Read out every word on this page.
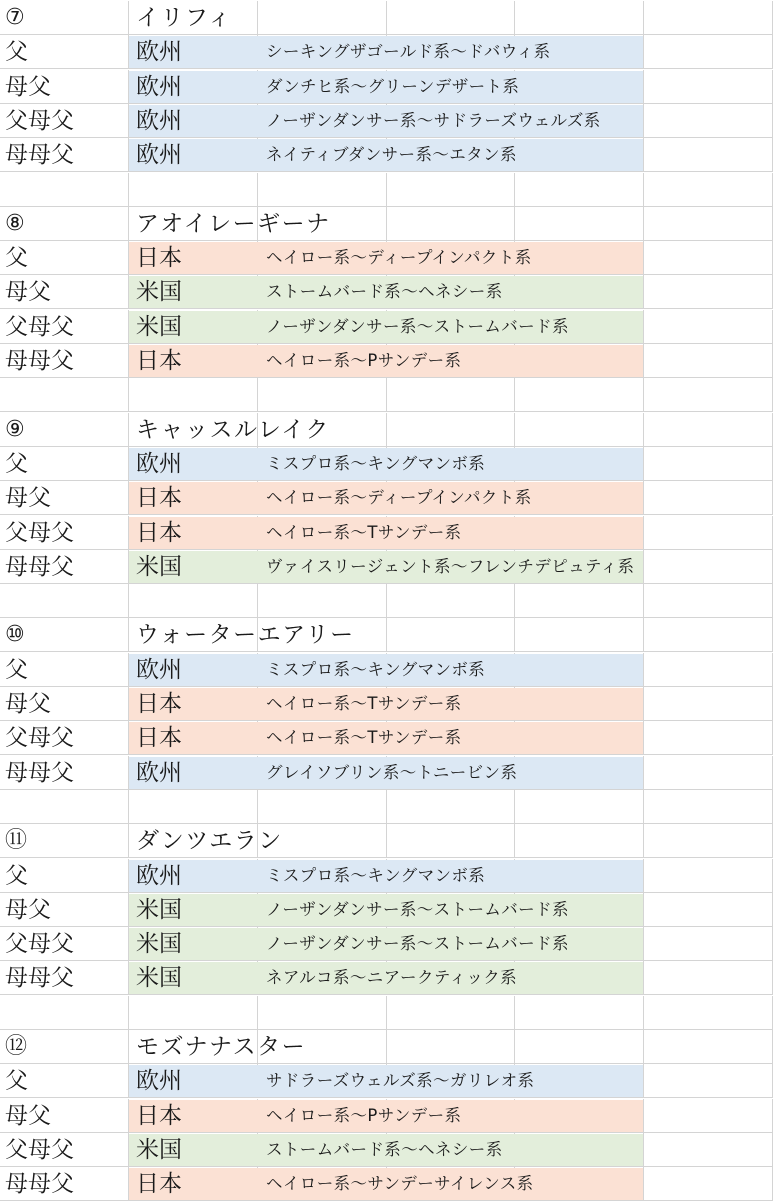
⑦	イリフィ
父	欧州	シーキングザゴールド系～ドバウィ系
母父	欧州	ダンチヒ系～グリーンデザート系
父母父	欧州	ノーザンダンサー系～サドラーズウェルズ系
母母父	欧州	ネイティブダンサー系～エタン系
⑧	アオイレーギーナ
父	日本	ヘイロー系～ディープインパクト系
母父	米国	ストームバード系～ヘネシー系
父母父	米国	ノーザンダンサー系～ストームバード系
母母父	日本	ヘイロー系～Pサンデー系
⑨	キャッスルレイク
父	欧州	ミスプロ系～キングマンボ系
母父	日本	ヘイロー系～ディープインパクト系
父母父	日本	ヘイロー系～Tサンデー系
母母父	米国	ヴァイスリージェント系～フレンチデピュティ系
⑩	ウォーターエアリー
父	欧州	ミスプロ系～キングマンボ系
母父	日本	ヘイロー系～Tサンデー系
父母父	日本	ヘイロー系～Tサンデー系
母母父	欧州	グレイソブリン系～トニービン系
⑪	ダンツエラン
父	欧州	ミスプロ系～キングマンボ系
母父	米国	ノーザンダンサー系～ストームバード系
父母父	米国	ノーザンダンサー系～ストームバード系
母母父	米国	ネアルコ系～ニアークティック系
⑫	モズナナスター
父	欧州	サドラーズウェルズ系～ガリレオ系
母父	日本	ヘイロー系～Pサンデー系
父母父	米国	ストームバード系～ヘネシー系
母母父	日本	ヘイロー系～サンデーサイレンス系
